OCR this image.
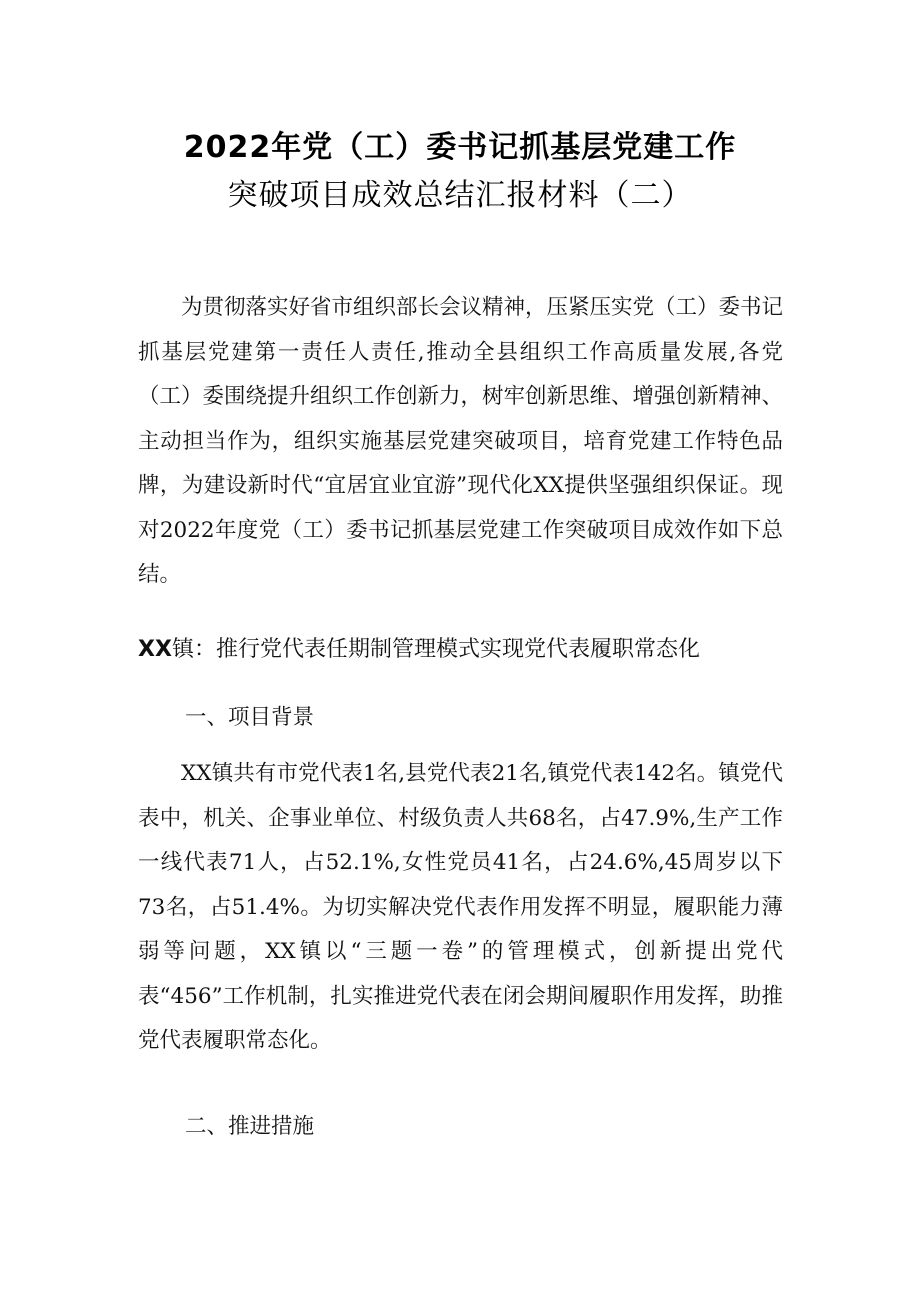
2022年党（工）委书记抓基层党建工作
突破项目成效总结汇报材料（二）

为贯彻落实好省市组织部长会议精神，压紧压实党（工）委书记抓基层党建第一责任人责任,推动全县组织工作高质量发展,各党（工）委围绕提升组织工作创新力，树牢创新思维、增强创新精神、主动担当作为，组织实施基层党建突破项目，培育党建工作特色品牌，为建设新时代“宜居宜业宜游”现代化XX提供坚强组织保证。现对2022年度党（工）委书记抓基层党建工作突破项目成效作如下总结。

XX镇：推行党代表任期制管理模式实现党代表履职常态化
一、项目背景

XX镇共有市党代表1名,县党代表21名,镇党代表142名。镇党代表中，机关、企事业单位、村级负责人共68名，占47.9%,生产工作一线代表71人，占52.1%,女性党员41名，占24.6%,45周岁以下73名，占51.4%。为切实解决党代表作用发挥不明显，履职能力薄弱等问题，XX镇以“三题一卷”的管理模式，创新提出党代表“456”工作机制，扎实推进党代表在闭会期间履职作用发挥，助推党代表履职常态化。

二、推进措施
